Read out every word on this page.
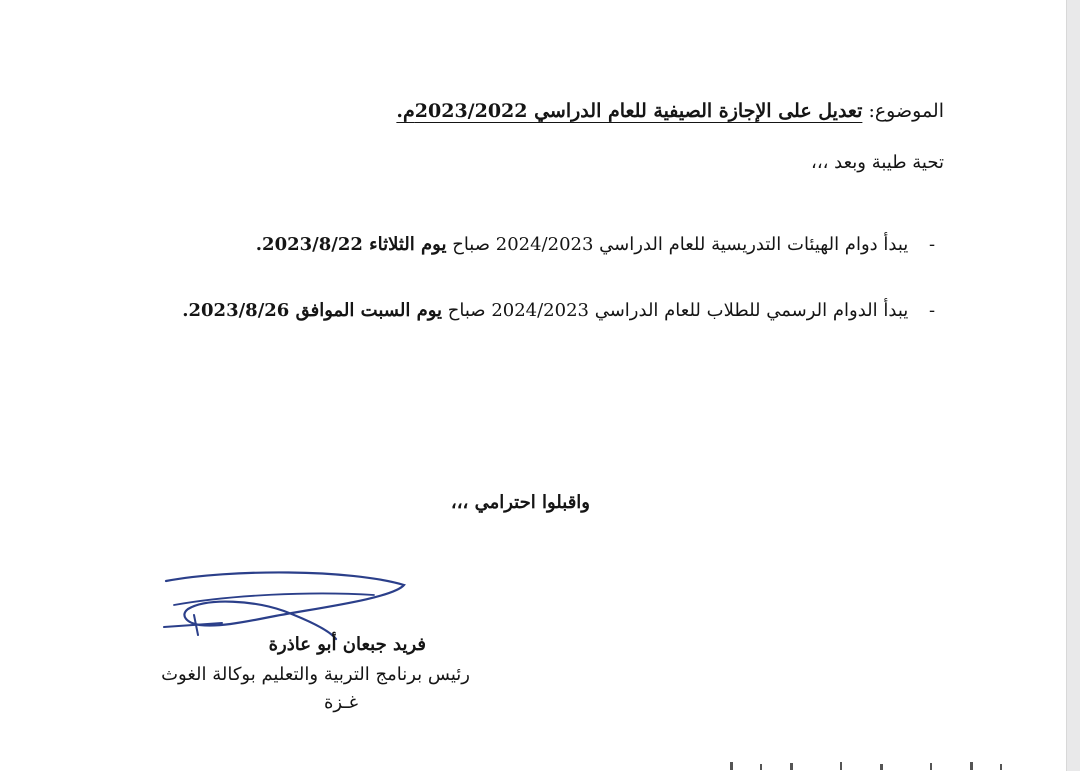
الموضوع: تعديل على الإجازة الصيفية للعام الدراسي 2023/2022م.
تحية طيبة وبعد ،،،
- يبدأ دوام الهيئات التدريسية للعام الدراسي 2024/2023 صباح يوم الثلاثاء 2023/8/22.
- يبدأ الدوام الرسمي للطلاب للعام الدراسي 2024/2023 صباح يوم السبت الموافق 2023/8/26.
واقبلوا احترامي ،،،
فريد جبعان أبو عاذرة
رئيس برنامج التربية والتعليم بوكالة الغوث
غـزة
